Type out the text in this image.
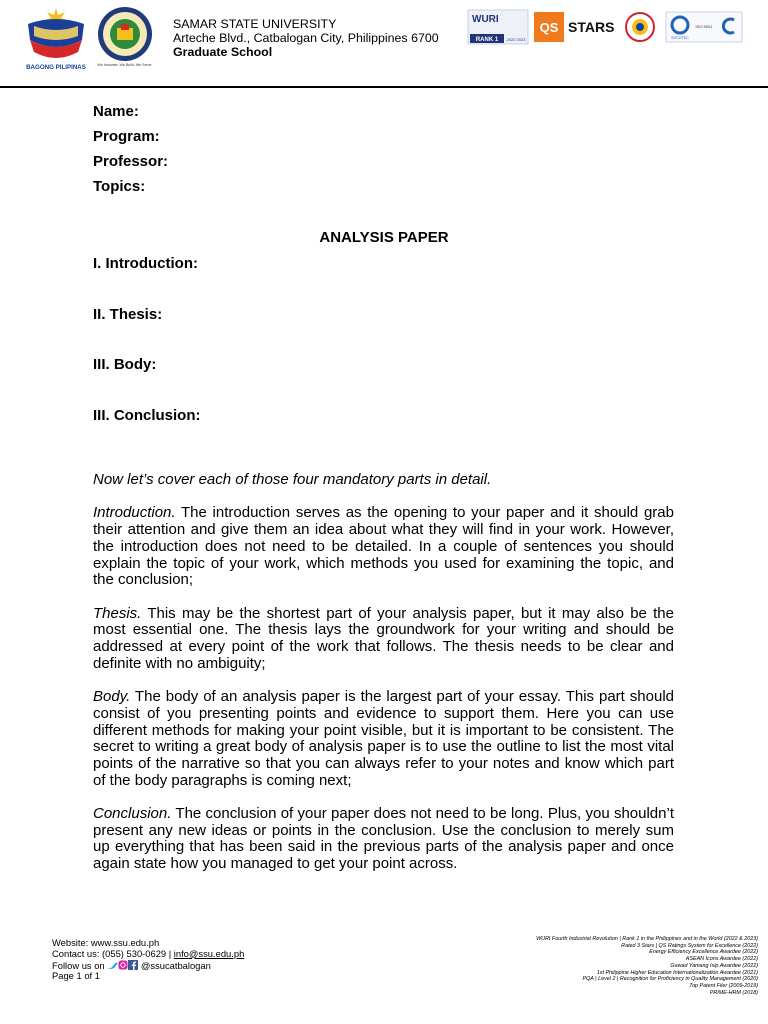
BAGONG PILIPINAS	We Innovate. We Build. We Serve.
SAMAR STATE UNIVERSITY
Arteche Blvd., Catbalogan City, Philippines 6700
Graduate School
WURI
RANK 1 2022 2023
QS STARS
SOCOTEC
ISO 9001
Name:
Program:
Professor:
Topics:
ANALYSIS PAPER
I. Introduction:
II. Thesis:
III. Body:
III. Conclusion:

Now let’s cover each of those four mandatory parts in detail.

Introduction. The introduction serves as the opening to your paper and it should grab their attention and give them an idea about what they will find in your work. However, the introduction does not need to be detailed. In a couple of sentences you should explain the topic of your work, which methods you used for examining the topic, and the conclusion;

Thesis. This may be the shortest part of your analysis paper, but it may also be the most essential one. The thesis lays the groundwork for your writing and should be addressed at every point of the work that follows. The thesis needs to be clear and definite with no ambiguity;

Body. The body of an analysis paper is the largest part of your essay. This part should consist of you presenting points and evidence to support them. Here you can use different methods for making your point visible, but it is important to be consistent. The secret to writing a great body of analysis paper is to use the outline to list the most vital points of the narrative so that you can always refer to your notes and know which part of the body paragraphs is coming next;

Conclusion. The conclusion of your paper does not need to be long. Plus, you shouldn’t present any new ideas or points in the conclusion. Use the conclusion to merely sum up everything that has been said in the previous parts of the analysis paper and once again state how you managed to get your point across.

Website: www.ssu.edu.ph
Contact us: (055) 530-0629 | info@ssu.edu.ph
Follow us on	@ssucatbalogan
Page 1 of 1
WURI Fourth Industrial Revolution | Rank 1 in the Philippines and in the World (2022 & 2023)
Rated 3 Stars | QS Ratings System for Excellence (2022)
Energy Efficiency Excellence Awardee (2022)
ASEAN Icons Awardee (2022)
Gawad Yamang Isip Awardee (2022)
1st Philippine Higher Education Internationalization Awardee (2021)
PQA | Level 2 | Recognition for Proficiency in Quality Management (2020)
Top Patent Filer (2009-2019)
PRIME-HRM (2018)
